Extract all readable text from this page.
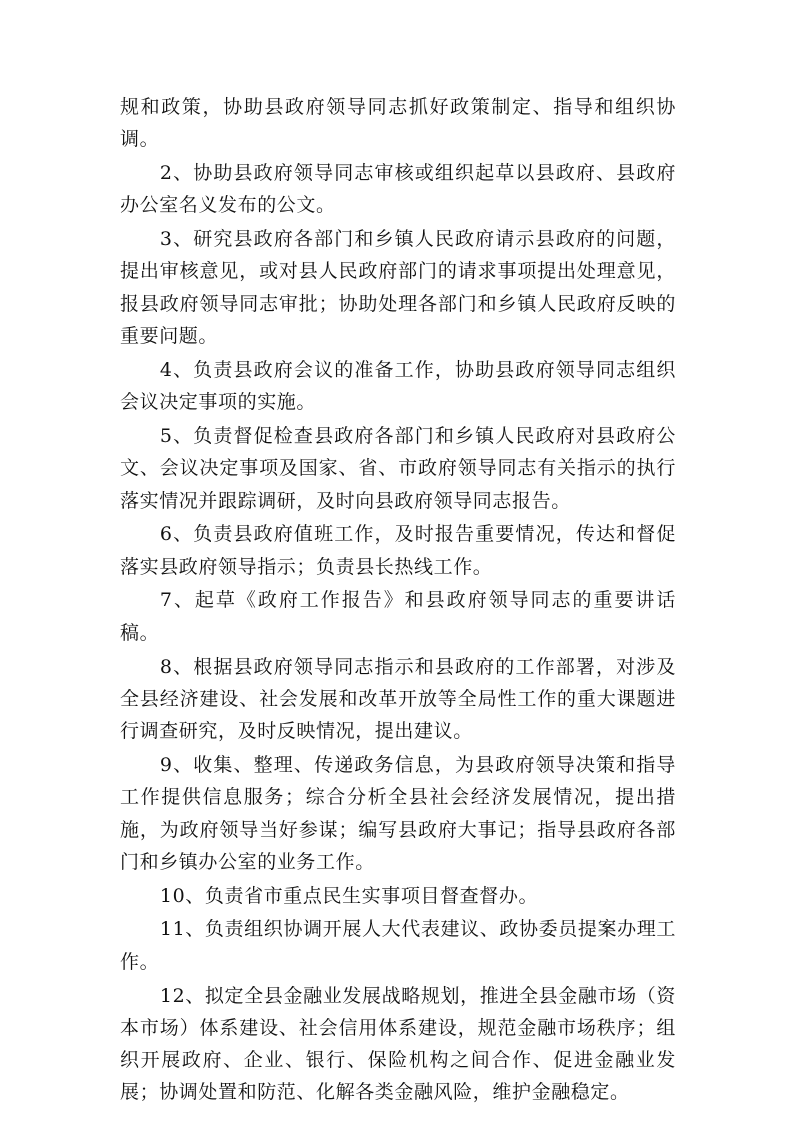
规和政策，协助县政府领导同志抓好政策制定、指导和组织协调。

2、协助县政府领导同志审核或组织起草以县政府、县政府办公室名义发布的公文。

3、研究县政府各部门和乡镇人民政府请示县政府的问题，提出审核意见，或对县人民政府部门的请求事项提出处理意见，报县政府领导同志审批；协助处理各部门和乡镇人民政府反映的重要问题。

4、负责县政府会议的准备工作，协助县政府领导同志组织会议决定事项的实施。

5、负责督促检查县政府各部门和乡镇人民政府对县政府公文、会议决定事项及国家、省、市政府领导同志有关指示的执行落实情况并跟踪调研，及时向县政府领导同志报告。

6、负责县政府值班工作，及时报告重要情况，传达和督促落实县政府领导指示；负责县长热线工作。

7、起草《政府工作报告》和县政府领导同志的重要讲话稿。

8、根据县政府领导同志指示和县政府的工作部署，对涉及全县经济建设、社会发展和改革开放等全局性工作的重大课题进行调查研究，及时反映情况，提出建议。

9、收集、整理、传递政务信息，为县政府领导决策和指导工作提供信息服务；综合分析全县社会经济发展情况，提出措施，为政府领导当好参谋；编写县政府大事记；指导县政府各部门和乡镇办公室的业务工作。

10、负责省市重点民生实事项目督查督办。

11、负责组织协调开展人大代表建议、政协委员提案办理工作。

12、拟定全县金融业发展战略规划，推进全县金融市场（资本市场）体系建设、社会信用体系建设，规范金融市场秩序；组织开展政府、企业、银行、保险机构之间合作、促进金融业发展；协调处置和防范、化解各类金融风险，维护金融稳定。
